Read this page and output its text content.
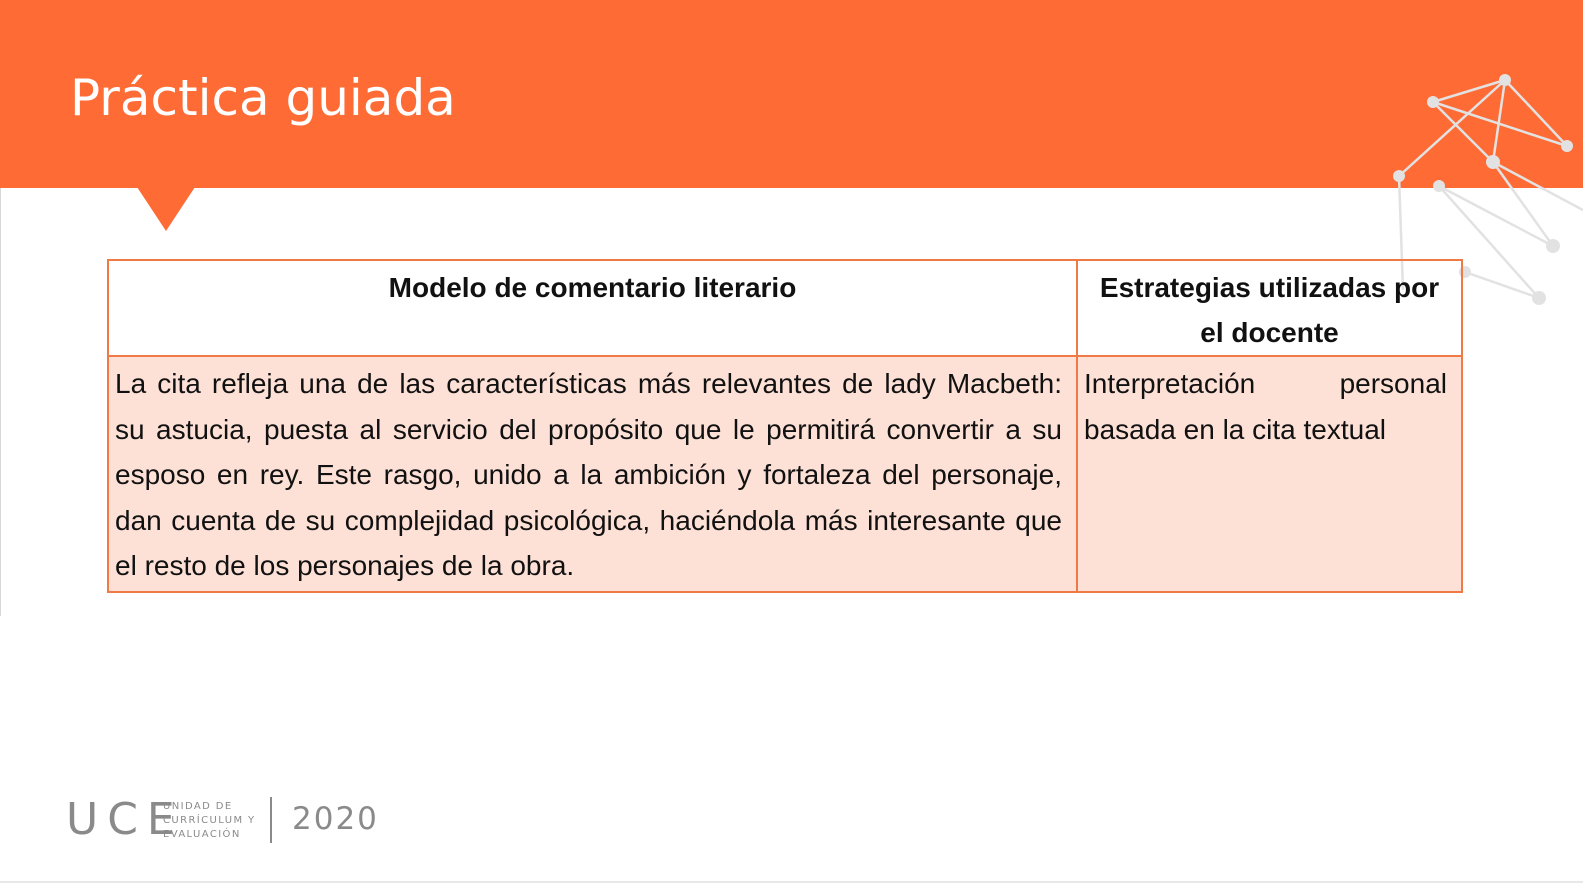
Práctica guiada
Modelo de comentario literario	Estrategias utilizadas por el docente
La cita refleja una de las características más relevantes de lady Macbeth: su astucia, puesta al servicio del propósito que le permitirá convertir a su esposo en rey. Este rasgo, unido a la ambición y fortaleza del personaje, dan cuenta de su complejidad psicológica, haciéndola más interesante que el resto de los personajes de la obra.	Interpretación personal basada en la cita textual
UCE
UNIDAD DE
CURRÍCULUM Y
EVALUACIÓN	2020
